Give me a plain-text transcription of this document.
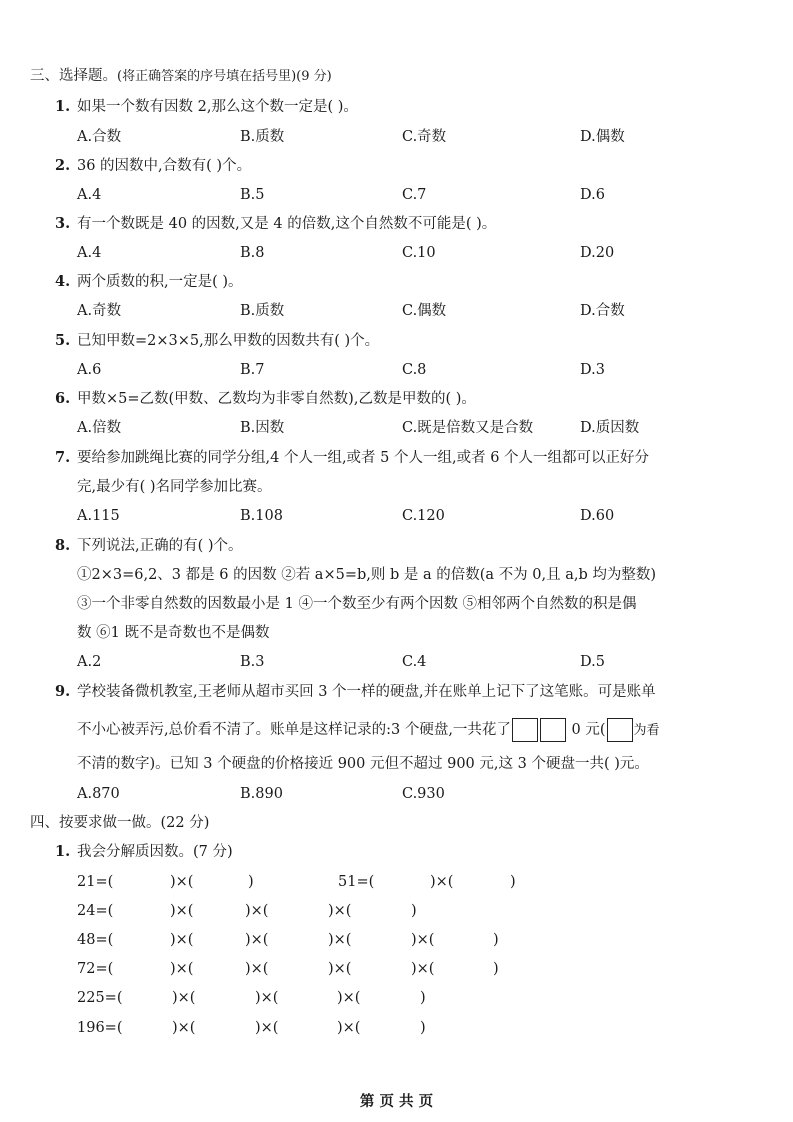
三、选择题。(将正确答案的序号填在括号里)(9 分)
1. 如果一个数有因数 2,那么这个数一定是( )。
A.合数	B.质数	C.奇数	D.偶数
2. 36 的因数中,合数有( )个。
A.4	B.5	C.7	D.6
3. 有一个数既是 40 的因数,又是 4 的倍数,这个自然数不可能是( )。
A.4	B.8	C.10	D.20
4. 两个质数的积,一定是( )。
A.奇数	B.质数	C.偶数	D.合数
5. 已知甲数=2×3×5,那么甲数的因数共有( )个。
A.6	B.7	C.8	D.3
6. 甲数×5=乙数(甲数、乙数均为非零自然数),乙数是甲数的( )。
A.倍数	B.因数	C.既是倍数又是合数	D.质因数
7. 要给参加跳绳比赛的同学分组,4 个人一组,或者 5 个人一组,或者 6 个人一组都可以正好分
完,最少有( )名同学参加比赛。
A.115	B.108	C.120	D.60
8. 下列说法,正确的有( )个。
①2×3=6,2、3 都是 6 的因数 ②若 a×5=b,则 b 是 a 的倍数(a 不为 0,且 a,b 均为整数)
③一个非零自然数的因数最小是 1 ④一个数至少有两个因数 ⑤相邻两个自然数的积是偶
数 ⑥1 既不是奇数也不是偶数
A.2	B.3	C.4	D.5
9. 学校装备微机教室,王老师从超市买回 3 个一样的硬盘,并在账单上记下了这笔账。可是账单
不小心被弄污,总价看不清了。账单是这样记录的:3 个硬盘,一共花了	0 元( 为看
不清的数字)。已知 3 个硬盘的价格接近 900 元但不超过 900 元,这 3 个硬盘一共( )元。
A.870	B.890	C.930
四、按要求做一做。(22 分)
1. 我会分解质因数。(7 分)
21=(	)×(	)	51=(	)×(	)
24=(	)×(	)×(	)×(	)
48=(	)×(	)×(	)×(	)×(	)
72=(	)×(	)×(	)×(	)×(	)
225=(	)×(	)×(	)×(	)
196=(	)×(	)×(	)×(	)
第 页 共 页
